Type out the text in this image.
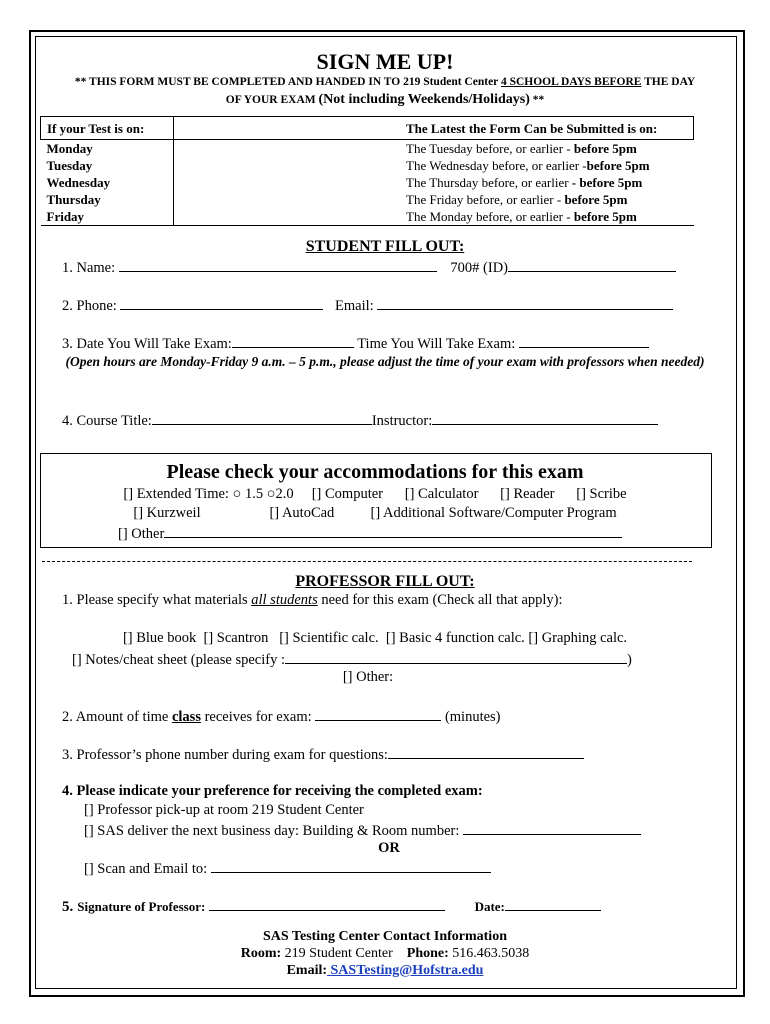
SIGN ME UP!
** THIS FORM MUST BE COMPLETED AND HANDED IN TO 219 Student Center 4 SCHOOL DAYS BEFORE THE DAY
OF YOUR EXAM (Not including Weekends/Holidays) **
If your Test is on:	The Latest the Form Can be Submitted is on:
Monday	The Tuesday before, or earlier - before 5pm
Tuesday	The Wednesday before, or earlier -before 5pm
Wednesday	The Thursday before, or earlier - before 5pm
Thursday	The Friday before, or earlier - before 5pm
Friday	The Monday before, or earlier - before 5pm
STUDENT FILL OUT:
1. Name:	700# (ID)
2. Phone:	Email:
3. Date You Will Take Exam:	Time You Will Take Exam:
(Open hours are Monday-Friday 9 a.m. – 5 p.m., please adjust the time of your exam with professors when needed)
4. Course Title:	Instructor:
Please check your accommodations for this exam
[] Extended Time: ○ 1.5 ○2.0     [] Computer      [] Calculator      [] Reader      [] Scribe
[] Kurzweil                   [] AutoCad          [] Additional Software/Computer Program
[] Other
PROFESSOR FILL OUT:
1. Please specify what materials all students need for this exam (Check all that apply):
[] Blue book  [] Scantron   [] Scientific calc.  [] Basic 4 function calc. [] Graphing calc.
[] Notes/cheat sheet (please specify :	)
[] Other:
2. Amount of time class receives for exam:	(minutes)
3. Professor’s phone number during exam for questions:
4. Please indicate your preference for receiving the completed exam:
[] Professor pick-up at room 219 Student Center
[] SAS deliver the next business day: Building & Room number:
OR
[] Scan and Email to:
5. Signature of Professor:	Date:
SAS Testing Center Contact Information
Room: 219 Student Center Phone: 516.463.5038
Email: SASTesting@Hofstra.edu
